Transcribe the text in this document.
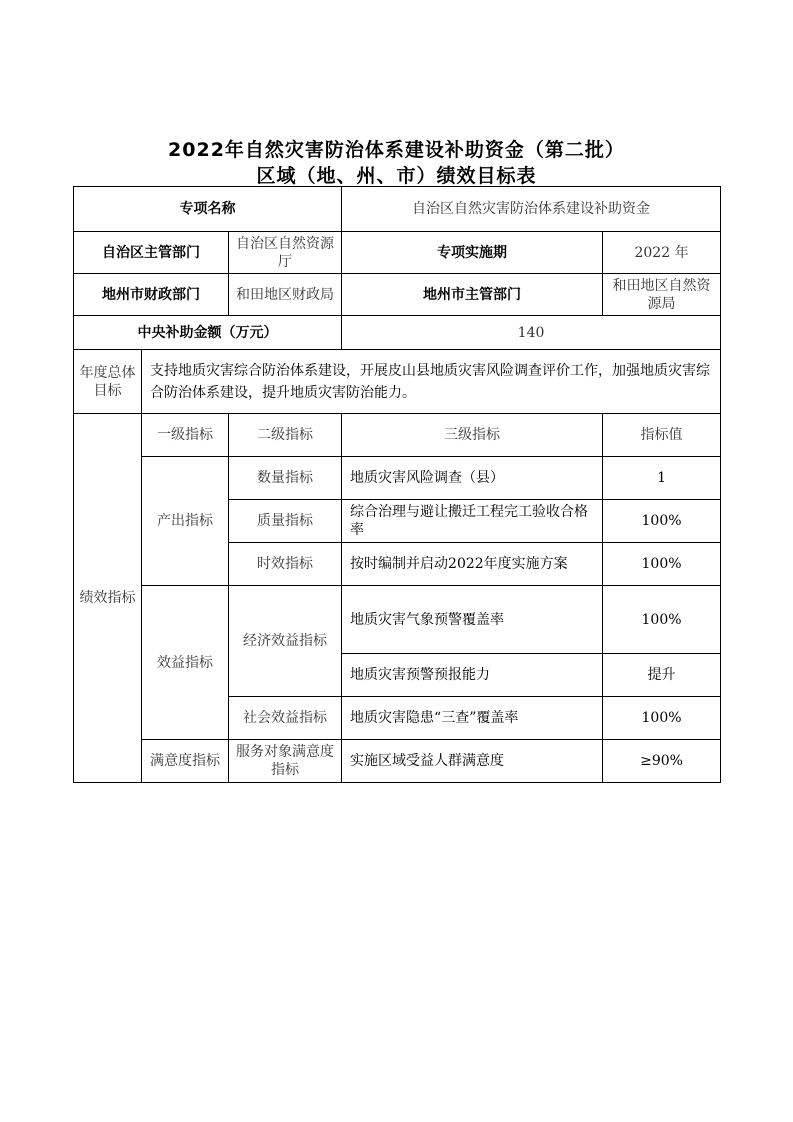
2022年自然灾害防治体系建设补助资金（第二批）
区域（地、州、市）绩效目标表
专项名称			自治区自然灾害防治体系建设补助资金	
自治区主管部门		自治区自然资源厅	专项实施期	2022 年
地州市财政部门		和田地区财政局	地州市主管部门	和田地区自然资源局
中央补助金额（万元）			140	
年度总体目标	支持地质灾害综合防治体系建设，开展皮山县地质灾害风险调查评价工作，加强地质灾害综合防治体系建设，提升地质灾害防治能力。			
绩效指标	一级指标	二级指标	三级指标	指标值
	产出指标	数量指标	地质灾害风险调查（县）	1
		质量指标	综合治理与避让搬迁工程完工验收合格率	100%
		时效指标	按时编制并启动2022年度实施方案	100%
	效益指标	经济效益指标	地质灾害气象预警覆盖率	100%
			地质灾害预警预报能力	提升
		社会效益指标	地质灾害隐患“三查”覆盖率	100%
	满意度指标	服务对象满意度指标	实施区域受益人群满意度	≥90%
